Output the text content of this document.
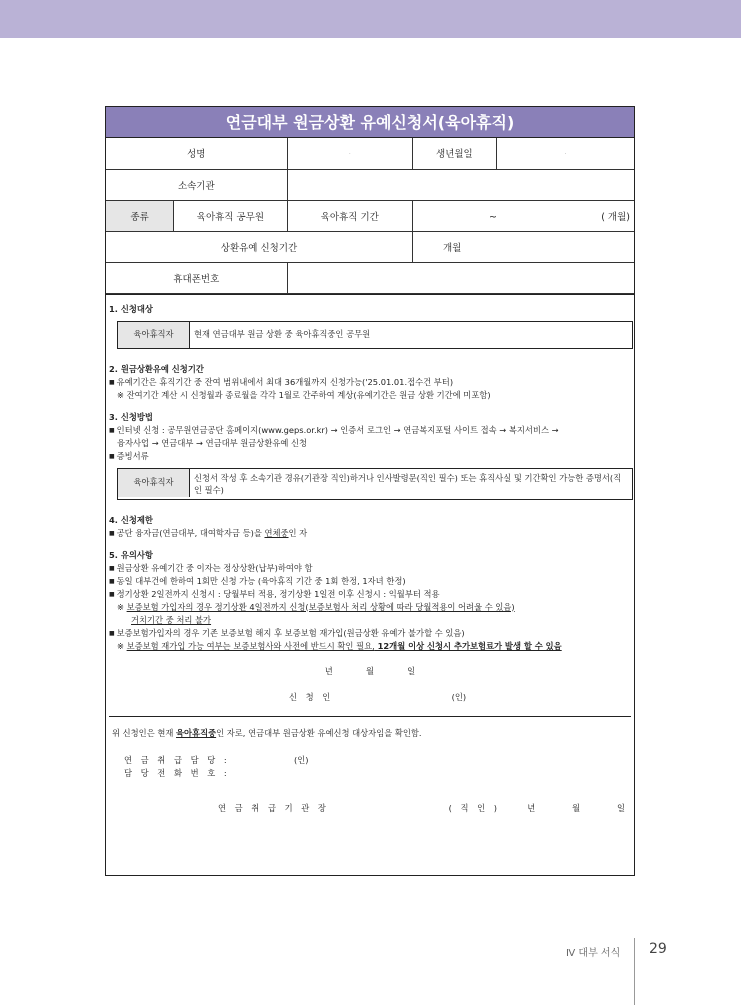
연금대부 원금상환 유예신청서(육아휴직)
성명		·	생년월일	·
소속기관				
종류	육아휴직 공무원	육아휴직 기간	~ ( 개월)	
상환유예 신청기간			개월	
휴대폰번호				
1. 신청대상
육아휴직자	현재 연금대부 원금 상환 중 육아휴직중인 공무원
2. 원금상환유예 신청기간
■ 유예기간은 휴직기간 중 잔여 범위내에서 최대 36개월까지 신청가능('25.01.01.접수건 부터)
※ 잔여기간 계산 시 신청월과 종료월을 각각 1월로 간주하여 계상(유예기간은 원금 상환 기간에 미포함)
3. 신청방법
■ 인터넷 신청 : 공무원연금공단 홈페이지(www.geps.or.kr) → 인증서 로그인 → 연금복지포털 사이트 접속 → 복지서비스 →
융자사업 → 연금대부 → 연금대부 원금상환유예 신청
■ 증빙서류
육아휴직자	신청서 작성 후 소속기관 경유(기관장 직인)하거나 인사발령문(직인 필수) 또는 휴직사실 및 기간확인 가능한 증명서(직인 필수)
4. 신청제한
■ 공단 융자금(연금대부, 대여학자금 등)을 연체중인 자
5. 유의사항
■ 원금상환 유예기간 중 이자는 정상상환(납부)하여야 함
■ 동일 대부건에 한하여 1회만 신청 가능 (육아휴직 기간 중 1회 한정, 1자녀 한정)
■ 정기상환 2일전까지 신청시 : 당월부터 적용, 정기상환 1일전 이후 신청시 : 익월부터 적용
※ 보증보험 가입자의 경우 정기상환 4일전까지 신청(보증보험사 처리 상황에 따라 당월적용이 어려울 수 있음)
거치기간 중 처리 불가
■ 보증보험가입자의 경우 기존 보증보험 해지 후 보증보험 재가입(원금상환 유예가 불가할 수 있음)
※ 보증보험 재가입 가능 여부는 보증보험사와 사전에 반드시 확인 필요, 12개월 이상 신청시 추가보험료가 발생 할 수 있음
년     월     일
신 청 인	(인)
위 신청인은 현재 육아휴직중인 자로, 연금대부 원금상환 유예신청 대상자임을 확인함.
연 금 취 급 담 당 :	(인)
담 당 전 화 번 호 :
연 금 취 급 기 관 장	( 직 인 )	년      월      일
Ⅳ 대부 서식 29
